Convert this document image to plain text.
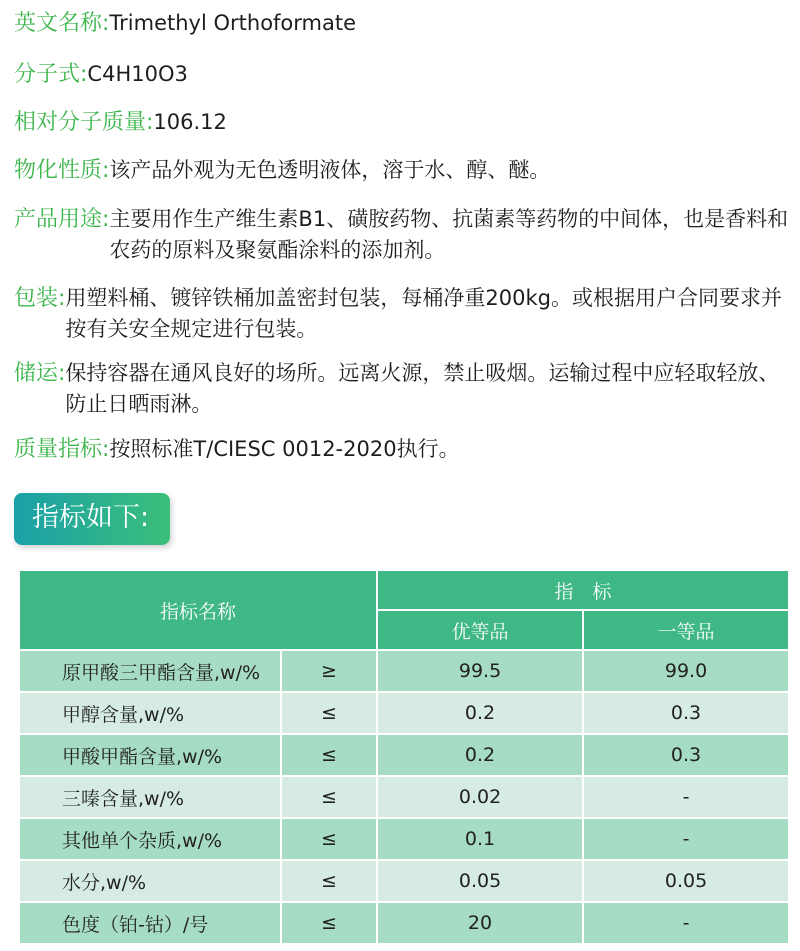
英文名称:Trimethyl Orthoformate
分子式:C4H10O3
相对分子质量:106.12
物化性质:该产品外观为无色透明液体，溶于水、醇、醚。
产品用途: 主要用作生产维生素B1、磺胺药物、抗菌素等药物的中间体，也是香料和农药的原料及聚氨酯涂料的添加剂。
包装: 用塑料桶、镀锌铁桶加盖密封包装，每桶净重200kg。或根据用户合同要求并按有关安全规定进行包装。
储运: 保持容器在通风良好的场所。远离火源，禁止吸烟。运输过程中应轻取轻放、防止日晒雨淋。
质量指标:按照标准T/CIESC 0012-2020执行。
指标如下:
指标名称		指　标	
		优等品	一等品
原甲酸三甲酯含量,w/%	≥	99.5	99.0
甲醇含量,w/%	≤	0.2	0.3
甲酸甲酯含量,w/%	≤	0.2	0.3
三嗪含量,w/%	≤	0.02	-
其他单个杂质,w/%	≤	0.1	-
水分,w/%	≤	0.05	0.05
色度（铂-钴）/号	≤	20	-
